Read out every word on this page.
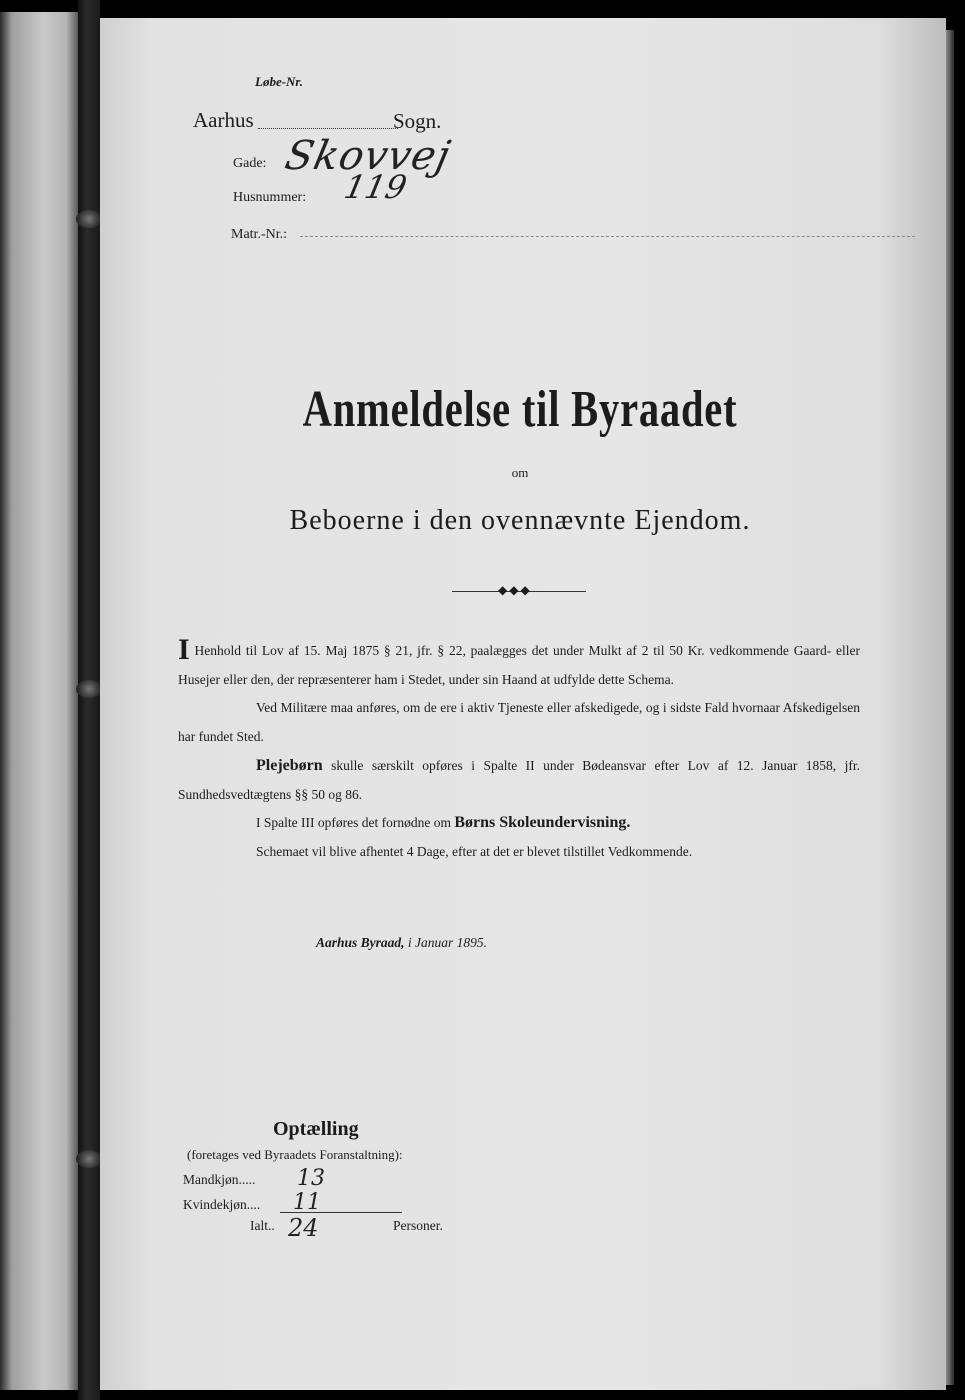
Løbe-Nr.
Aarhus	Sogn.
Gade: Skovvej
Husnummer: 119
Matr.-Nr.:
Anmeldelse til Byraadet
om
Beboerne i den ovennævnte Ejendom.
◆◆◆

I Henhold til Lov af 15. Maj 1875 § 21, jfr. § 22, paalægges det under Mulkt af 2 til 50 Kr. vedkommende Gaard- eller Husejer eller den, der repræsenterer ham i Stedet, under sin Haand at udfylde dette Schema.

Ved Militære maa anføres, om de ere i aktiv Tjeneste eller afskedigede, og i sidste Fald hvornaar Afskedigelsen har fundet Sted.

Plejebørn skulle særskilt opføres i Spalte II under Bødeansvar efter Lov af 12. Januar 1858, jfr. Sundhedsvedtægtens §§ 50 og 86.

I Spalte III opføres det fornødne om Børns Skoleundervisning.

Schemaet vil blive afhentet 4 Dage, efter at det er blevet tilstillet Vedkommende.

Aarhus Byraad, i Januar 1895.
Optælling
(foretages ved Byraadets Foranstaltning):
Mandkjøn..... 13
Kvindekjøn.... 11
Ialt.. 24	Personer.
